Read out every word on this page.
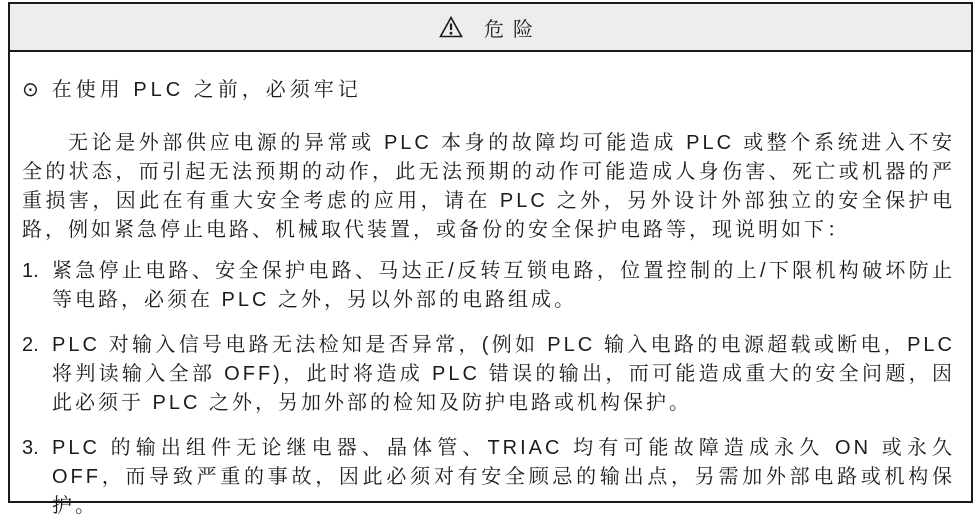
危险
⊙ 在使用 PLC 之前，必须牢记

无论是外部供应电源的异常或 PLC 本身的故障均可能造成 PLC 或整个系统进入不安全的状态，而引起无法预期的动作，此无法预期的动作可能造成人身伤害、死亡或机器的严重损害，因此在有重大安全考虑的应用，请在 PLC 之外，另外设计外部独立的安全保护电路，例如紧急停止电路、机械取代装置，或备份的安全保护电路等，现说明如下：

1. 紧急停止电路、安全保护电路、马达正/反转互锁电路，位置控制的上/下限机构破坏防止等电路，必须在 PLC 之外，另以外部的电路组成。
2. PLC 对输入信号电路无法检知是否异常，(例如 PLC 输入电路的电源超载或断电，PLC 将判读输入全部 OFF)，此时将造成 PLC 错误的输出，而可能造成重大的安全问题，因此必须于 PLC 之外，另加外部的检知及防护电路或机构保护。
3. PLC 的输出组件无论继电器、晶体管、TRIAC 均有可能故障造成永久 ON 或永久 OFF，而导致严重的事故，因此必须对有安全顾忌的输出点，另需加外部电路或机构保护。
